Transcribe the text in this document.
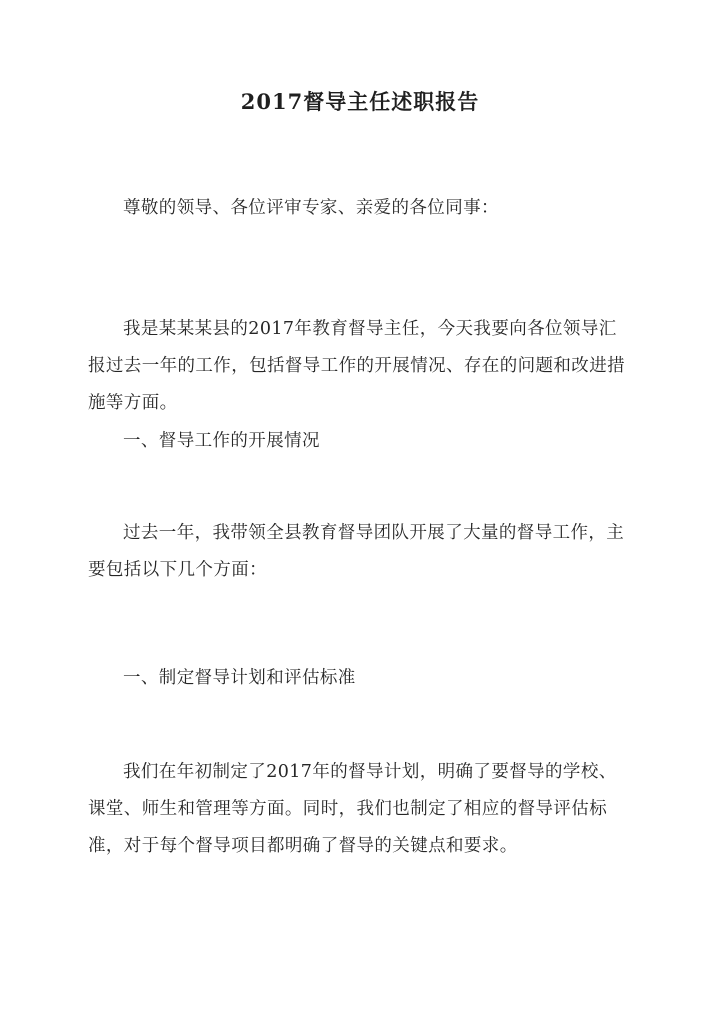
2017督导主任述职报告
尊敬的领导、各位评审专家、亲爱的各位同事：
我是某某某县的2017年教育督导主任，今天我要向各位领导汇报过去一年的工作，包括督导工作的开展情况、存在的问题和改进措施等方面。
一、督导工作的开展情况
过去一年，我带领全县教育督导团队开展了大量的督导工作，主要包括以下几个方面：
一、制定督导计划和评估标准
我们在年初制定了2017年的督导计划，明确了要督导的学校、课堂、师生和管理等方面。同时，我们也制定了相应的督导评估标准，对于每个督导项目都明确了督导的关键点和要求。
